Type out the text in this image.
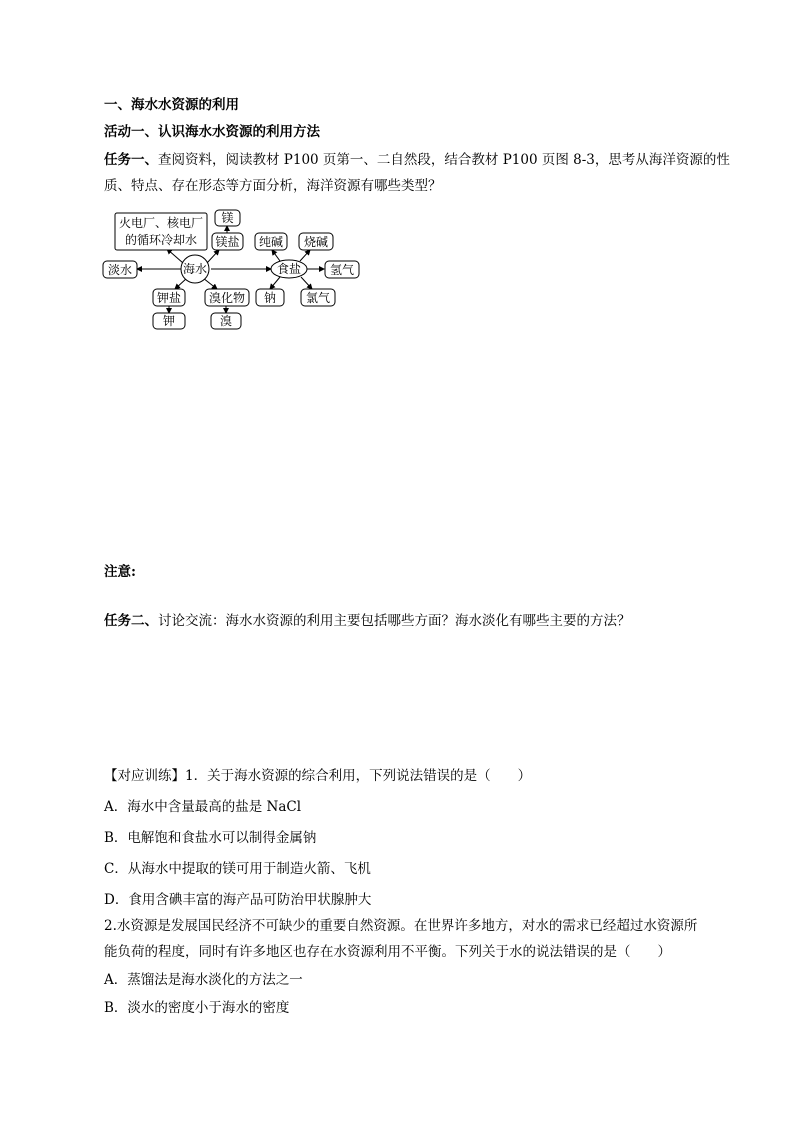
一、海水水资源的利用
活动一、认识海水水资源的利用方法
任务一、查阅资料，阅读教材 P100 页第一、二自然段，结合教材 P100 页图 8-3，思考从海洋资源的性
质、特点、存在形态等方面分析，海洋资源有哪些类型？
火电厂、核电厂
的循环冷却水
镁
镁盐
淡水	海水	食盐
钾盐
钾
溴化物
溴
纯碱 烧碱
氢气
钠 氯气
注意:
任务二、讨论交流：海水水资源的利用主要包括哪些方面？海水淡化有哪些主要的方法？
【对应训练】1．关于海水资源的综合利用，下列说法错误的是（　　）
A．海水中含量最高的盐是 NaCl
B．电解饱和食盐水可以制得金属钠
C．从海水中提取的镁可用于制造火箭、飞机
D．食用含碘丰富的海产品可防治甲状腺肿大
2.水资源是发展国民经济不可缺少的重要自然资源。在世界许多地方，对水的需求已经超过水资源所
能负荷的程度，同时有许多地区也存在水资源利用不平衡。下列关于水的说法错误的是（　　）
A．蒸馏法是海水淡化的方法之一
B．淡水的密度小于海水的密度
